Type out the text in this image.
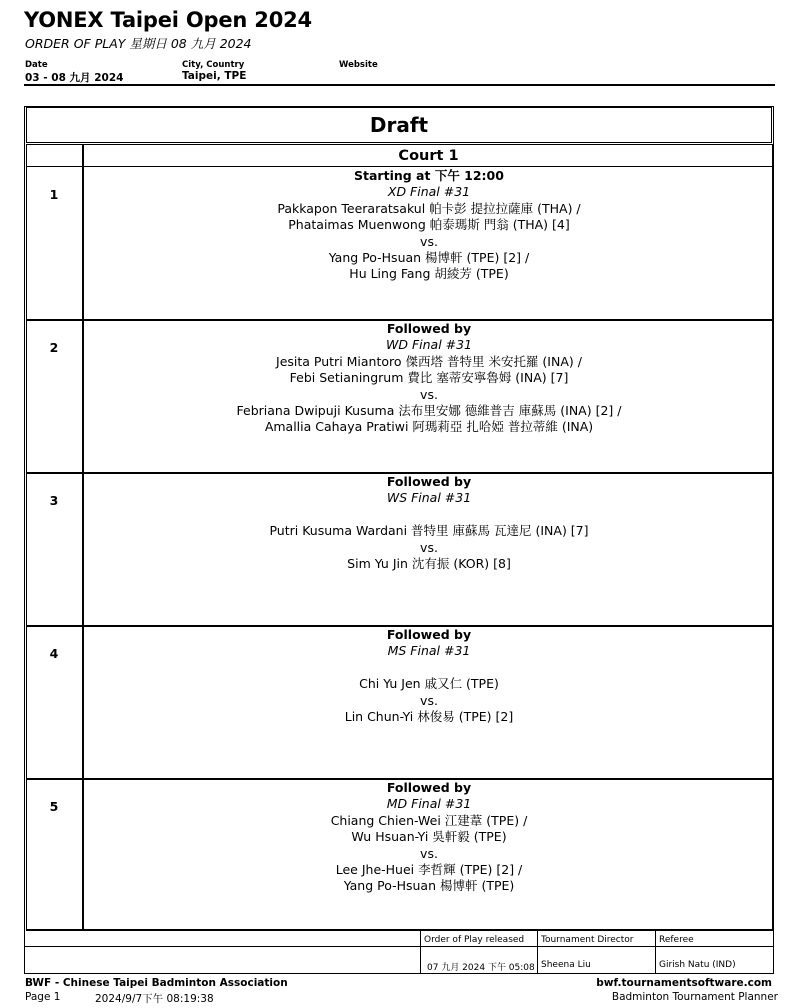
YONEX Taipei Open 2024
ORDER OF PLAY 星期日 08 九月 2024
Date
03 - 08 九月 2024
City, Country
Taipei, TPE
Website
Draft
Court 1
1
Starting at 下午 12:00
XD Final #31
Pakkapon Teeraratsakul 帕卡彭 提拉拉薩庫 (THA) /
Phataimas Muenwong 帕泰瑪斯 門翁 (THA) [4]
vs.
Yang Po-Hsuan 楊博軒 (TPE) [2] /
Hu Ling Fang 胡綾芳 (TPE)
2
Followed by
WD Final #31
Jesita Putri Miantoro 傑西塔 普特里 米安托羅 (INA) /
Febi Setianingrum 費比 塞蒂安寧魯姆 (INA) [7]
vs.
Febriana Dwipuji Kusuma 法布里安娜 德維普吉 庫蘇馬 (INA) [2] /
Amallia Cahaya Pratiwi 阿瑪莉亞 扎哈婭 普拉蒂維 (INA)
3
Followed by
WS Final #31
Putri Kusuma Wardani 普特里 庫蘇馬 瓦達尼 (INA) [7]
vs.
Sim Yu Jin 沈有振 (KOR) [8]
4
Followed by
MS Final #31
Chi Yu Jen 戚又仁 (TPE)
vs.
Lin Chun-Yi 林俊易 (TPE) [2]
5
Followed by
MD Final #31
Chiang Chien-Wei 江建葦 (TPE) /
Wu Hsuan-Yi 吳軒毅 (TPE)
vs.
Lee Jhe-Huei 李哲輝 (TPE) [2] /
Yang Po-Hsuan 楊博軒 (TPE)
Order of Play released
07 九月 2024 下午 05:08
Tournament Director
Sheena Liu
Referee
Girish Natu (IND)
BWF - Chinese Taipei Badminton Association	bwf.tournamentsoftware.com
Page 1	2024/9/7下午 08:19:38	Badminton Tournament Planner
